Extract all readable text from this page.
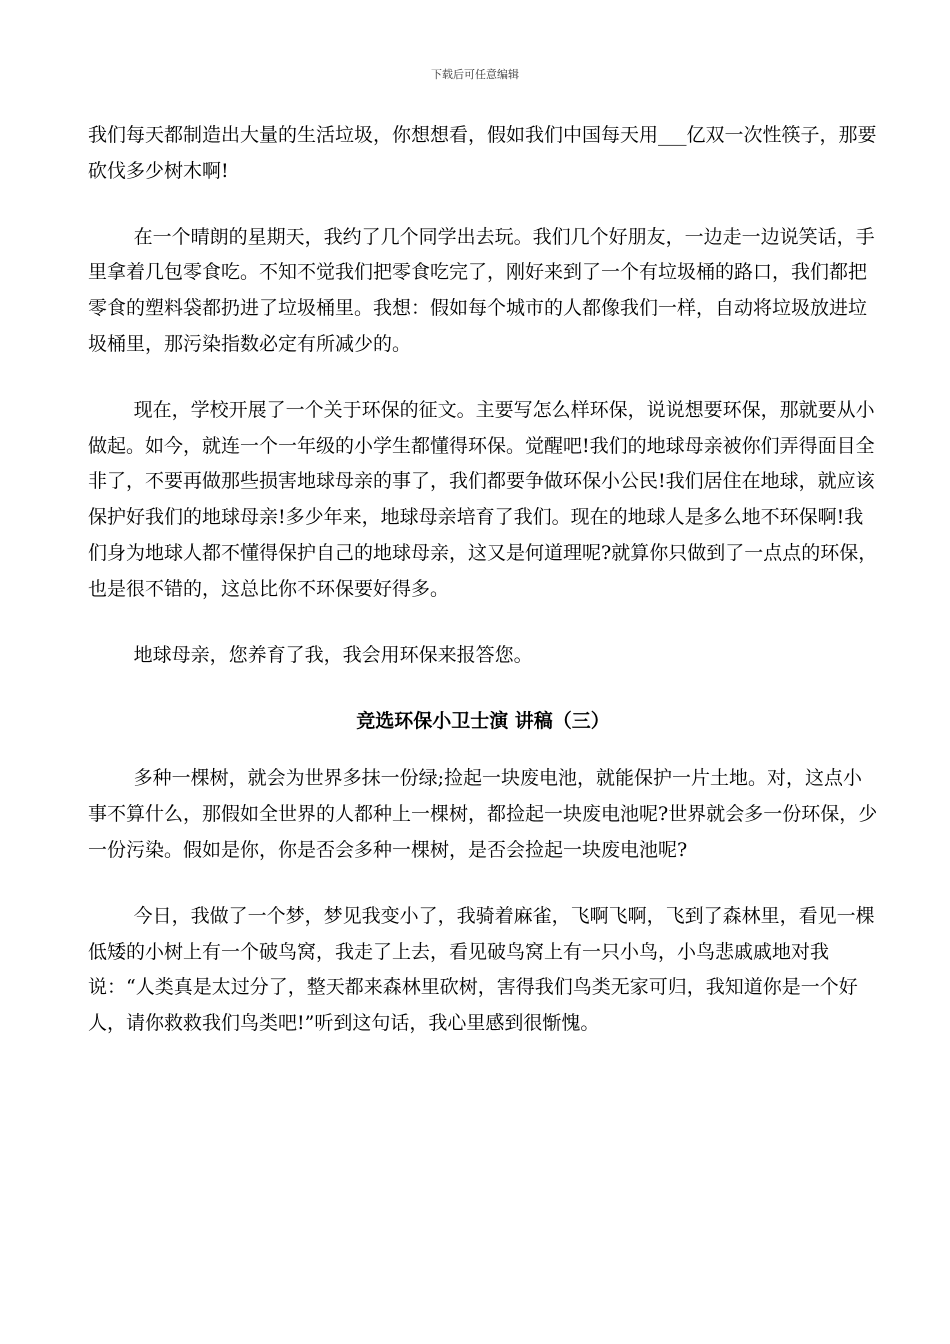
下载后可任意编辑

我们每天都制造出大量的生活垃圾，你想想看，假如我们中国每天用___亿双一次性筷子，那要砍伐多少树木啊!

在一个晴朗的星期天，我约了几个同学出去玩。我们几个好朋友，一边走一边说笑话，手里拿着几包零食吃。不知不觉我们把零食吃完了，刚好来到了一个有垃圾桶的路口，我们都把零食的塑料袋都扔进了垃圾桶里。我想：假如每个城市的人都像我们一样，自动将垃圾放进垃圾桶里，那污染指数必定有所减少的。

现在，学校开展了一个关于环保的征文。主要写怎么样环保，说说想要环保，那就要从小做起。如今，就连一个一年级的小学生都懂得环保。觉醒吧!我们的地球母亲被你们弄得面目全非了，不要再做那些损害地球母亲的事了，我们都要争做环保小公民!我们居住在地球，就应该保护好我们的地球母亲!多少年来，地球母亲培育了我们。现在的地球人是多么地不环保啊!我们身为地球人都不懂得保护自己的地球母亲，这又是何道理呢?就算你只做到了一点点的环保，也是很不错的，这总比你不环保要好得多。

地球母亲，您养育了我，我会用环保来报答您。

竞选环保小卫士演 讲稿（三）

多种一棵树，就会为世界多抹一份绿;捡起一块废电池，就能保护一片土地。对，这点小事不算什么，那假如全世界的人都种上一棵树，都捡起一块废电池呢?世界就会多一份环保，少一份污染。假如是你，你是否会多种一棵树，是否会捡起一块废电池呢?

今日，我做了一个梦，梦见我变小了，我骑着麻雀，飞啊飞啊，飞到了森林里，看见一棵低矮的小树上有一个破鸟窝，我走了上去，看见破鸟窝上有一只小鸟，小鸟悲戚戚地对我说：“人类真是太过分了，整天都来森林里砍树，害得我们鸟类无家可归，我知道你是一个好人，请你救救我们鸟类吧!”听到这句话，我心里感到很惭愧。
